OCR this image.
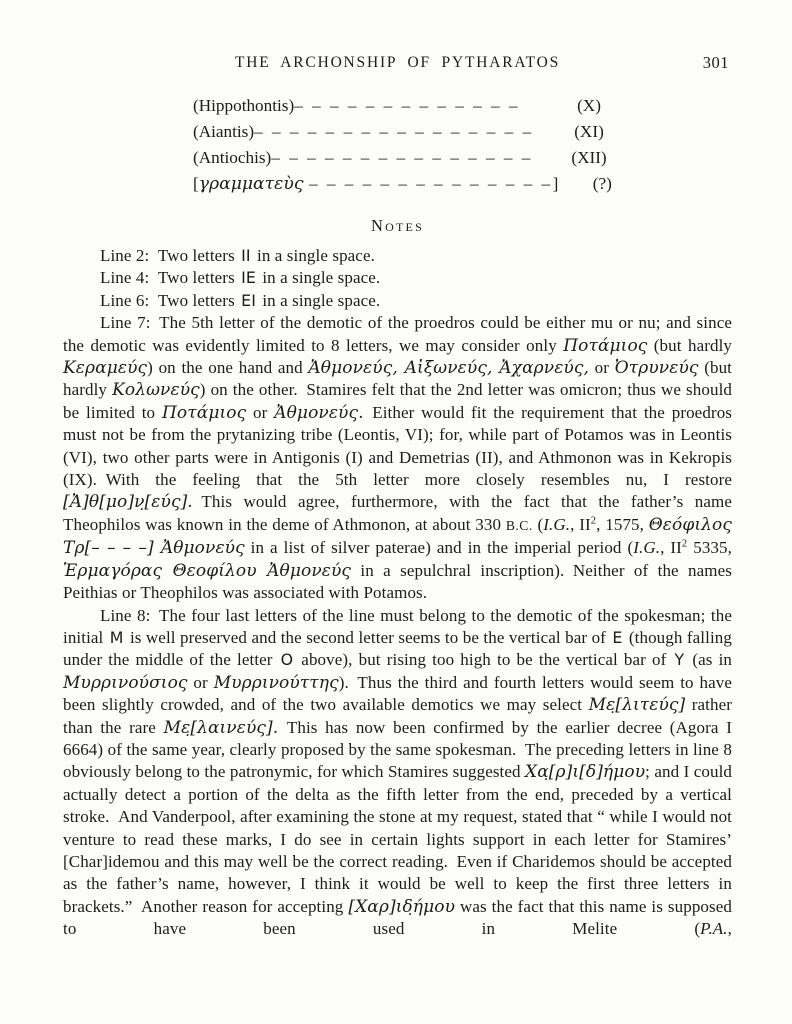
THE ARCHONSHIP OF PYTHARATOS	301
(Hippothontis)– – – – – – – – – – – – –	(X)
(Aiantis)– – – – – – – – – – – – – – – –	(XI)
(Antiochis)– – – – – – – – – – – – – – –	(XII)
[γραμματεὺς – – – – – – – – – – – – – –]	(?)
Notes

Line 2: Two letters II in a single space.

Line 4: Two letters IE in a single space.

Line 6: Two letters EI in a single space.

Line 7: The 5th letter of the demotic of the proedros could be either mu or nu; and since the demotic was evidently limited to 8 letters, we may consider only Ποτάμιος (but hardly Κεραμεύς) on the one hand and Ἀθμονεύς, Αἰξωνεύς, Ἀχαρνεύς, or Ὀτρυνεύς (but hardly Κολωνεύς) on the other. Stamires felt that the 2nd letter was omicron; thus we should be limited to Ποτάμιος or Ἀθμονεύς. Either would fit the requirement that the proedros must not be from the prytanizing tribe (Leontis, VI); for, while part of Potamos was in Leontis (VI), two other parts were in Antigonis (I) and Demetrias (II), and Athmonon was in Kekropis (IX). With the feeling that the 5th letter more closely resembles nu, I restore [Ἀ]θ[μο]ν̣[εύς]. This would agree, furthermore, with the fact that the father’s name Theophilos was known in the deme of Athmonon, at about 330 B.C. (I.G., $II^2$, 1575, Θεόφιλος Τρ[– – – –] Ἀθμονεύς in a list of silver paterae) and in the imperial period (I.G., $II^2$ 5335, Ἑρμαγόρας Θεοφίλου Ἀθμονεύς in a sepulchral inscription). Neither of the names Peithias or Theophilos was associated with Potamos.

Line 8: The four last letters of the line must belong to the demotic of the spokesman; the initial M is well preserved and the second letter seems to be the vertical bar of E (though falling under the middle of the letter O above), but rising too high to be the vertical bar of Y (as in Μυρρινούσιος or Μυρρινούττης). Thus the third and fourth letters would seem to have been slightly crowded, and of the two available demotics we may select Με̣[λιτεύς] rather than the rare Με̣[λαινεύς]. This has now been confirmed by the earlier decree (Agora I 6664) of the same year, clearly proposed by the same spokesman. The preceding letters in line 8 obviously belong to the patronymic, for which Stamires suggested Χα̣[ρ]ι[δ]ήμου; and I could actually detect a portion of the delta as the fifth letter from the end, preceded by a vertical stroke. And Vanderpool, after examining the stone at my request, stated that “ while I would not venture to read these marks, I do see in certain lights support in each letter for Stamires’ [Char]idemou and this may well be the correct reading. Even if Charidemos should be accepted as the father’s name, however, I think it would be well to keep the first three letters in brackets.” Another reason for accepting [Χαρ]ιδ̣ήμου was the fact that this name is supposed to have been used in Melite (P.A.,
